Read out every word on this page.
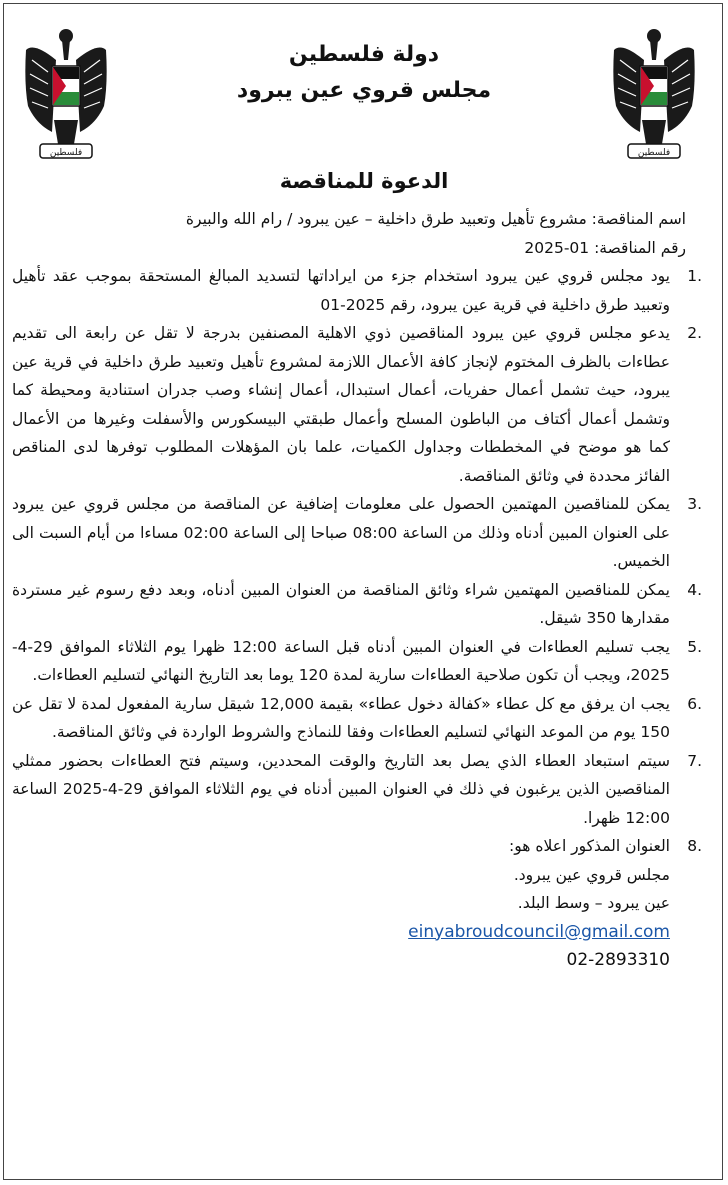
فلسطين	فلسطين
دولة فلسطين
مجلس قروي عين يبرود
الدعوة للمناقصة

اسم المناقصة: مشروع تأهيل وتعبيد طرق داخلية – عين يبرود / رام الله والبيرة

رقم المناقصة: 01-2025

.1
يود مجلس قروي عين يبرود استخدام جزء من ايراداتها لتسديد المبالغ المستحقة بموجب عقد تأهيل وتعبيد طرق داخلية في قرية عين يبرود، رقم 2025-01
.2
يدعو مجلس قروي عين يبرود المناقصين ذوي الاهلية المصنفين بدرجة لا تقل عن رابعة الى تقديم عطاءات بالظرف المختوم لإنجاز كافة الأعمال اللازمة لمشروع تأهيل وتعبيد طرق داخلية في قرية عين يبرود، حيث تشمل أعمال حفريات، أعمال استبدال، أعمال إنشاء وصب جدران استنادية ومحيطة كما وتشمل أعمال أكتاف من الباطون المسلح وأعمال طبقتي البيسكورس والأسفلت وغيرها من الأعمال كما هو موضح في المخططات وجداول الكميات، علما بان المؤهلات المطلوب توفرها لدى المناقص الفائز محددة في وثائق المناقصة.
.3
يمكن للمناقصين المهتمين الحصول على معلومات إضافية عن المناقصة من مجلس قروي عين يبرود على العنوان المبين أدناه وذلك من الساعة 08:00 صباحا إلى الساعة 02:00 مساءا من أيام السبت الى الخميس.
.4
يمكن للمناقصين المهتمين شراء وثائق المناقصة من العنوان المبين أدناه، وبعد دفع رسوم غير مستردة مقدارها 350 شيقل.
.5
يجب تسليم العطاءات في العنوان المبين أدناه قبل الساعة 12:00 ظهرا يوم الثلاثاء الموافق 29-4-2025، ويجب أن تكون صلاحية العطاءات سارية لمدة 120 يوما بعد التاريخ النهائي لتسليم العطاءات.
.6
يجب ان يرفق مع كل عطاء «كفالة دخول عطاء» بقيمة 12,000 شيقل سارية المفعول لمدة لا تقل عن 150 يوم من الموعد النهائي لتسليم العطاءات وفقا للنماذج والشروط الواردة في وثائق المناقصة.
.7
سيتم استبعاد العطاء الذي يصل بعد التاريخ والوقت المحددين، وسيتم فتح العطاءات بحضور ممثلي المناقصين الذين يرغبون في ذلك في العنوان المبين أدناه في يوم الثلاثاء الموافق 29-4-2025 الساعة 12:00 ظهرا.
.8
العنوان المذكور اعلاه هو:
مجلس قروي عين يبرود.
عين يبرود – وسط البلد.
einyabroudcouncil@gmail.com
02-2893310
